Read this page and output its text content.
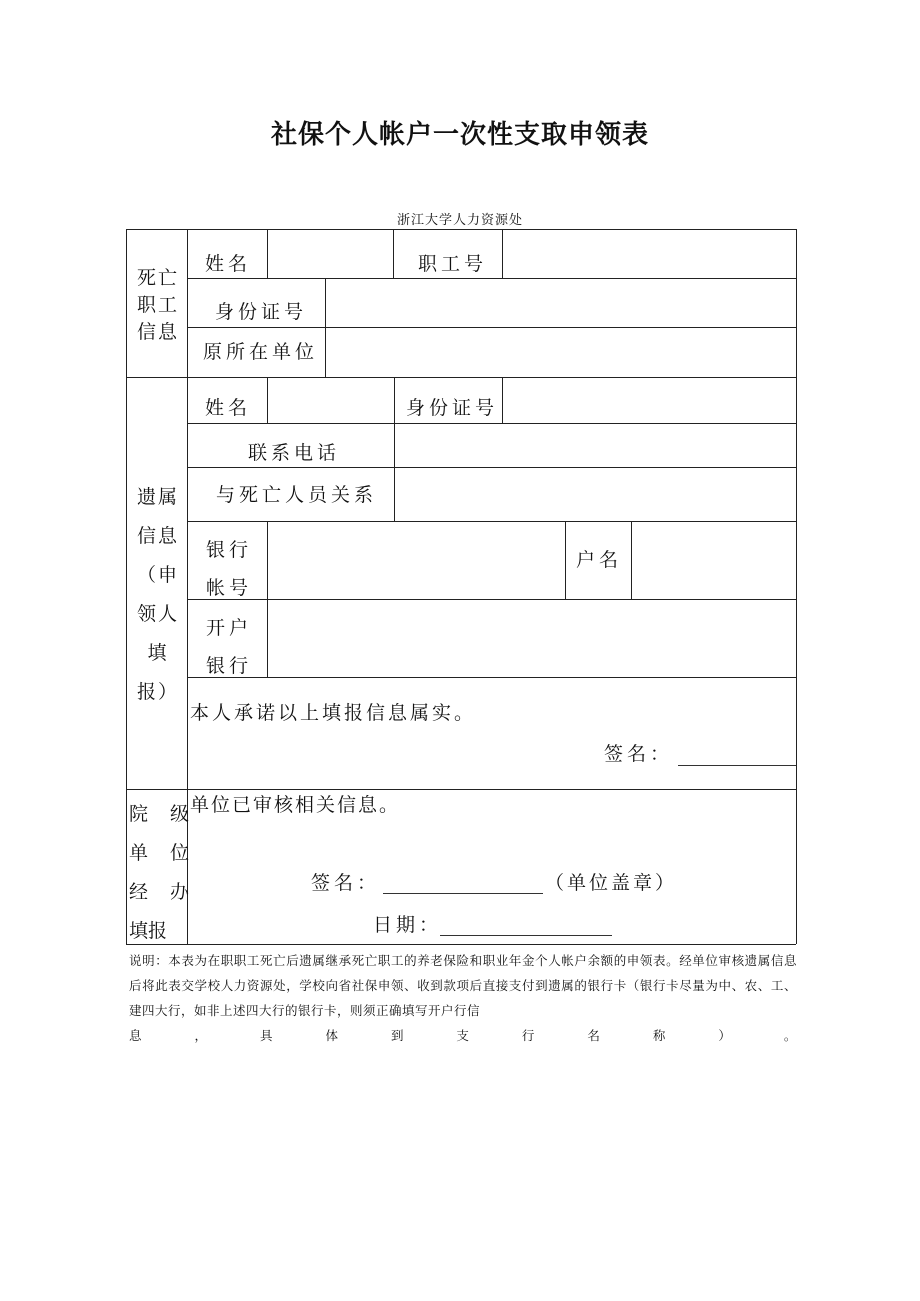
社保个人帐户一次性支取申领表
浙江大学人力资源处
死亡职工信息
姓名	职工号
身份证号
原所在单位
遗属信息（申领人填报）
姓名	身份证号
联系电话
与死亡人员关系
银行帐号
户名
开户银行
本人承诺以上填报信息属实。
签名：
院 级
单 位
经 办
填 报
单位已审核相关信息。
签名：	（单位盖章）
日期：
说明：本表为在职职工死亡后遗属继承死亡职工的养老保险和职业年金个人帐户余额的申领表。经单位审核遗属信息后将此表交学校人力资源处，学校向省社保申领、收到款项后直接支付到遗属的银行卡（银行卡尽量为中、农、工、建四大行，如非上述四大行的银行卡，则须正确填写开户行信
息	，	具	体	到	支	行	名	称	）	。
